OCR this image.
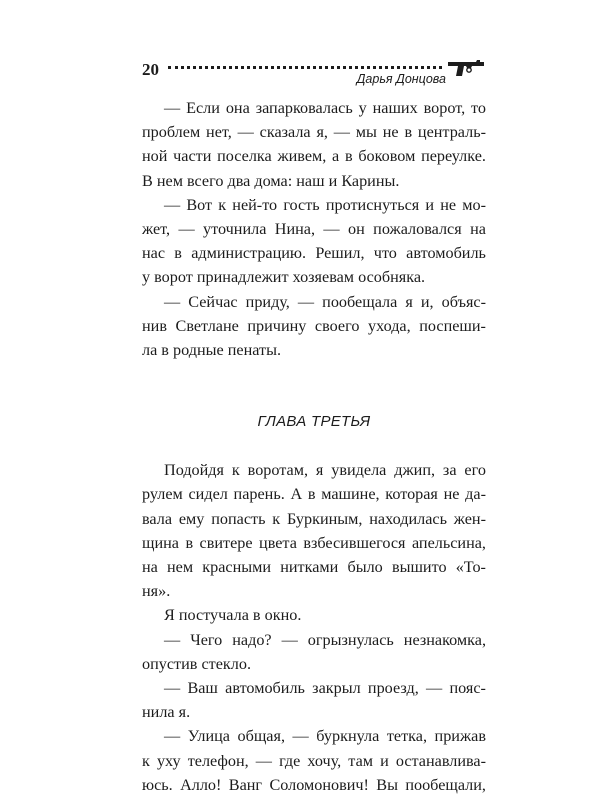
20	Дарья Донцова
— Если она запарковалась у наших ворот, то
проблем нет, — сказала я, — мы не в централь-
ной части поселка живем, а в боковом переулке.
В нем всего два дома: наш и Карины.
— Вот к ней-то гость протиснуться и не мо-
жет, — уточнила Нина, — он пожаловался на
нас в администрацию. Решил, что автомобиль
у ворот принадлежит хозяевам особняка.
— Сейчас приду, — пообещала я и, объяс-
нив Светлане причину своего ухода, поспеши-
ла в родные пенаты.
ГЛАВА ТРЕТЬЯ
Подойдя к воротам, я увидела джип, за его
рулем сидел парень. А в машине, которая не да-
вала ему попасть к Буркиным, находилась жен-
щина в свитере цвета взбесившегося апельсина,
на нем красными нитками было вышито «То-
ня».
Я постучала в окно.
— Чего надо? — огрызнулась незнакомка,
опустив стекло.
— Ваш автомобиль закрыл проезд, — пояс-
нила я.
— Улица общая, — буркнула тетка, прижав
к уху телефон, — где хочу, там и останавлива-
юсь. Алло! Ванг Соломонович! Вы пообещали,
